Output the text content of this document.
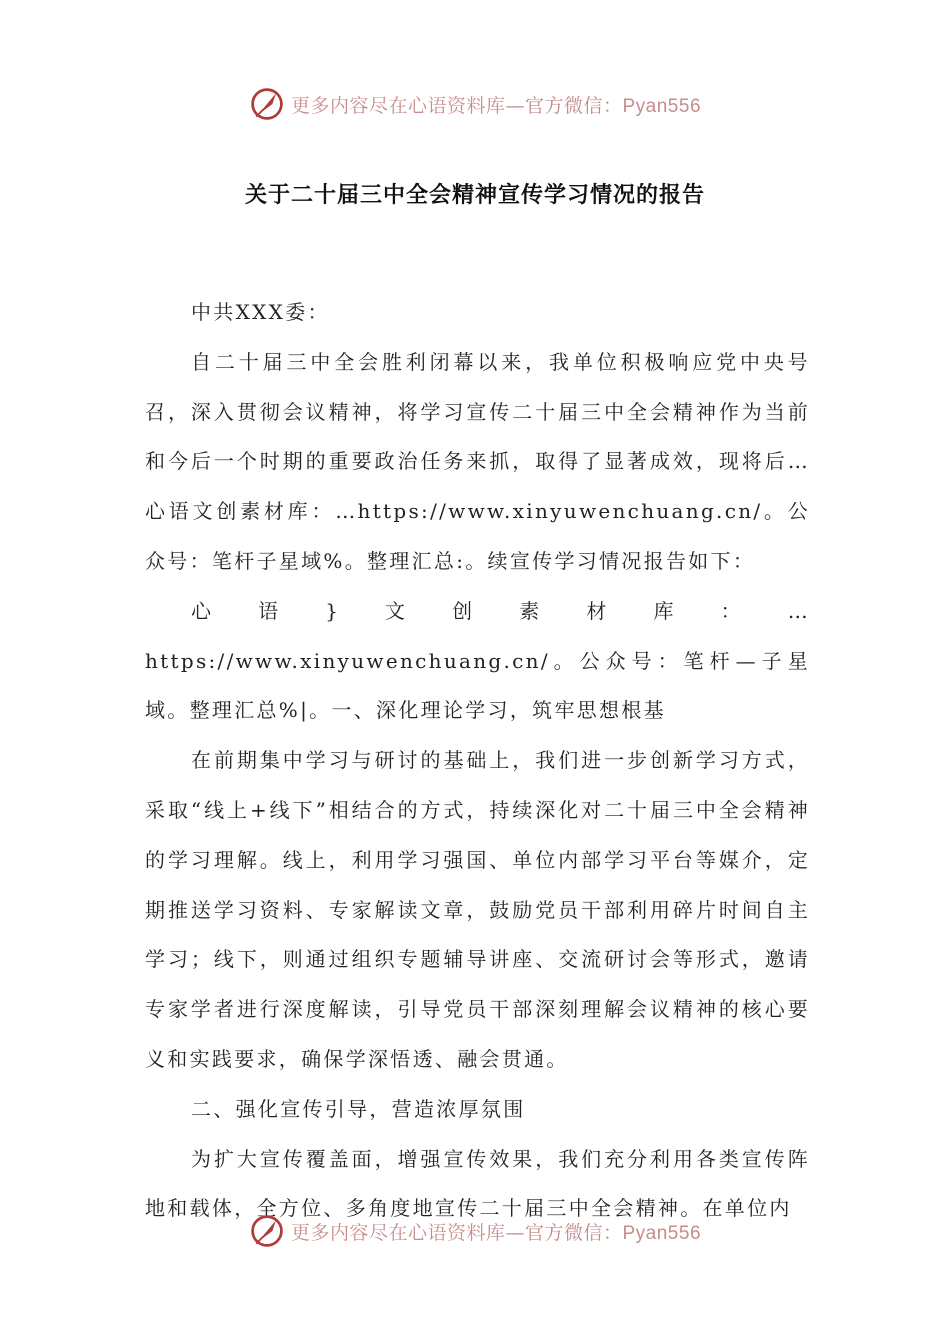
更多内容尽在心语资料库—官方微信：Pyan556
关于二十届三中全会精神宣传学习情况的报告

中共XXX委：

自二十届三中全会胜利闭幕以来，我单位积极响应党中央号召，深入贯彻会议精神，将学习宣传二十届三中全会精神作为当前和今后一个时期的重要政治任务来抓，取得了显著成效，现将后…心语文创素材库：…https://www.xinyuwenchuang.cn/。公众号：笔杆子星域%。整理汇总:。续宣传学习情况报告如下：

心语}文创素材库：…https://www.xinyuwenchuang.cn/。公众号：笔杆—子星域。整理汇总%|。一、深化理论学习，筑牢思想根基

在前期集中学习与研讨的基础上，我们进一步创新学习方式，采取“线上+线下”相结合的方式，持续深化对二十届三中全会精神的学习理解。线上，利用学习强国、单位内部学习平台等媒介，定期推送学习资料、专家解读文章，鼓励党员干部利用碎片时间自主学习；线下，则通过组织专题辅导讲座、交流研讨会等形式，邀请专家学者进行深度解读，引导党员干部深刻理解会议精神的核心要义和实践要求，确保学深悟透、融会贯通。

二、强化宣传引导，营造浓厚氛围

为扩大宣传覆盖面，增强宣传效果，我们充分利用各类宣传阵地和载体，全方位、多角度地宣传二十届三中全会精神。在单位内

更多内容尽在心语资料库—官方微信：Pyan556
